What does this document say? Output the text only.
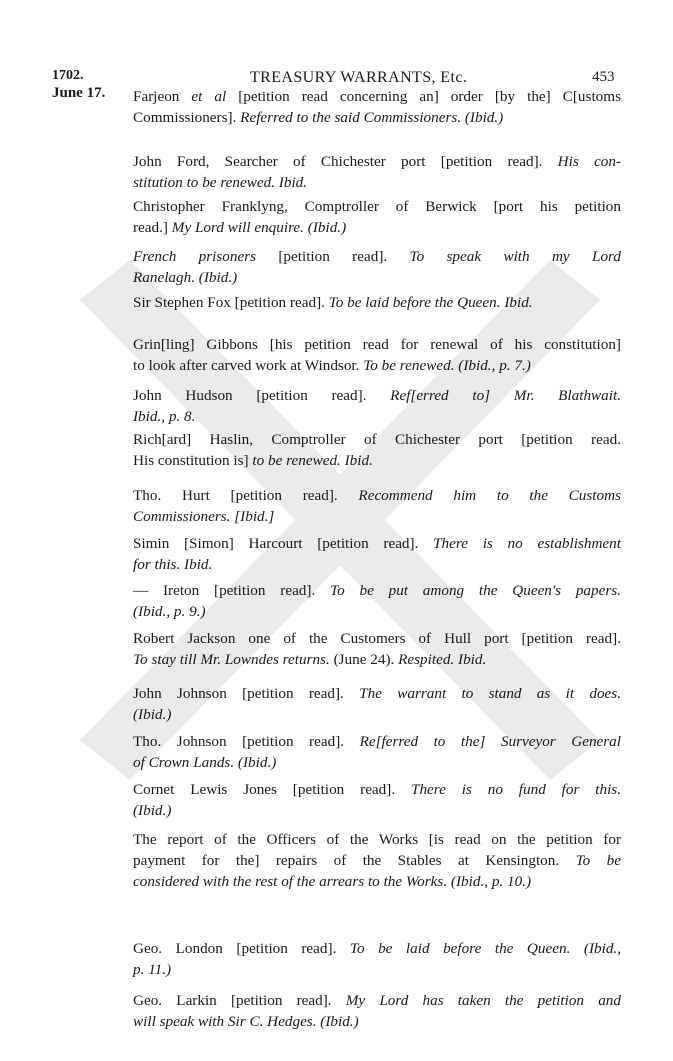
1702.
June 17.
TREASURY WARRANTS, Etc.	453
Farjeon et al [petition read concerning an] order [by the] C[ustoms
Commissioners]. Referred to the said Commissioners. (Ibid.)
John Ford, Searcher of Chichester port [petition read]. His con-
stitution to be renewed. Ibid.
Christopher Franklyng, Comptroller of Berwick [port his petition
read.] My Lord will enquire. (Ibid.)
French prisoners [petition read]. To speak with my Lord
Ranelagh. (Ibid.)
Sir Stephen Fox [petition read]. To be laid before the Queen. Ibid.
Grin[ling] Gibbons [his petition read for renewal of his constitution]
to look after carved work at Windsor. To be renewed. (Ibid., p. 7.)
John Hudson [petition read]. Ref[erred to] Mr. Blathwait.
Ibid., p. 8.
Rich[ard] Haslin, Comptroller of Chichester port [petition read.
His constitution is] to be renewed. Ibid.
Tho. Hurt [petition read]. Recommend him to the Customs
Commissioners. [Ibid.]
Simin [Simon] Harcourt [petition read]. There is no establishment
for this. Ibid.
— Ireton [petition read]. To be put among the Queen's papers.
(Ibid., p. 9.)
Robert Jackson one of the Customers of Hull port [petition read].
To stay till Mr. Lowndes returns. (June 24). Respited. Ibid.
John Johnson [petition read]. The warrant to stand as it does.
(Ibid.)
Tho. Johnson [petition read]. Re[ferred to the] Surveyor General
of Crown Lands. (Ibid.)
Cornet Lewis Jones [petition read]. There is no fund for this.
(Ibid.)
The report of the Officers of the Works [is read on the petition for
payment for the] repairs of the Stables at Kensington. To be
considered with the rest of the arrears to the Works. (Ibid., p. 10.)
Geo. London [petition read]. To be laid before the Queen. (Ibid.,
p. 11.)
Geo. Larkin [petition read]. My Lord has taken the petition and
will speak with Sir C. Hedges. (Ibid.)
